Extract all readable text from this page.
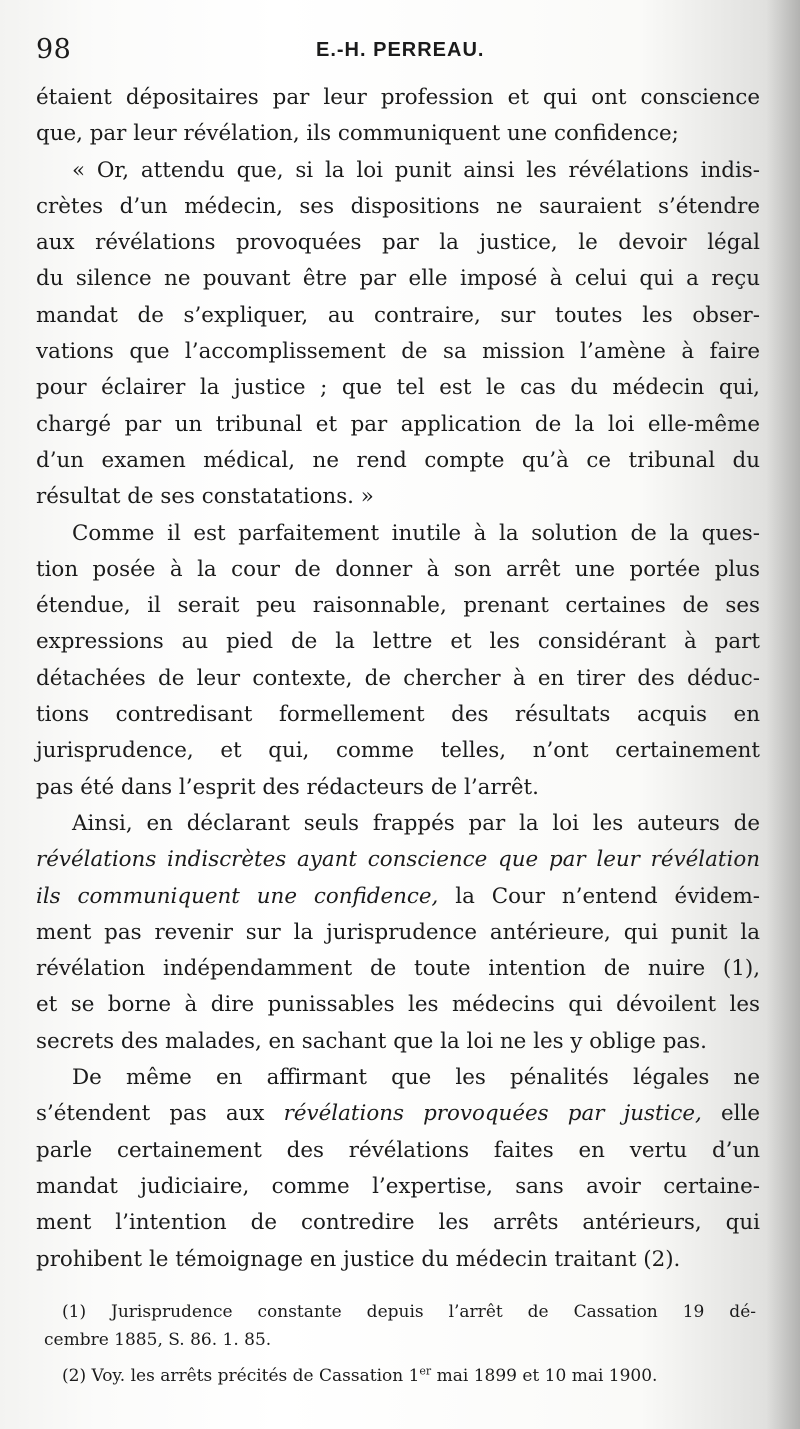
98	E.-H. PERREAU.
étaient dépositaires par leur profession et qui ont conscience
que, par leur révélation, ils communiquent une confidence;
« Or, attendu que, si la loi punit ainsi les révélations indis-
crètes d’un médecin, ses dispositions ne sauraient s’étendre
aux révélations provoquées par la justice, le devoir légal
du silence ne pouvant être par elle imposé à celui qui a reçu
mandat de s’expliquer, au contraire, sur toutes les obser-
vations que l’accomplissement de sa mission l’amène à faire
pour éclairer la justice ; que tel est le cas du médecin qui,
chargé par un tribunal et par application de la loi elle-même
d’un examen médical, ne rend compte qu’à ce tribunal du
résultat de ses constatations. »
Comme il est parfaitement inutile à la solution de la ques-
tion posée à la cour de donner à son arrêt une portée plus
étendue, il serait peu raisonnable, prenant certaines de ses
expressions au pied de la lettre et les considérant à part
détachées de leur contexte, de chercher à en tirer des déduc-
tions contredisant formellement des résultats acquis en
jurisprudence, et qui, comme telles, n’ont certainement
pas été dans l’esprit des rédacteurs de l’arrêt.
Ainsi, en déclarant seuls frappés par la loi les auteurs de
révélations indiscrètes ayant conscience que par leur révélation
ils communiquent une confidence, la Cour n’entend évidem-
ment pas revenir sur la jurisprudence antérieure, qui punit la
révélation indépendamment de toute intention de nuire (1),
et se borne à dire punissables les médecins qui dévoilent les
secrets des malades, en sachant que la loi ne les y oblige pas.
De même en affirmant que les pénalités légales ne
s’étendent pas aux révélations provoquées par justice, elle
parle certainement des révélations faites en vertu d’un
mandat judiciaire, comme l’expertise, sans avoir certaine-
ment l’intention de contredire les arrêts antérieurs, qui
prohibent le témoignage en justice du médecin traitant (2).
(1) Jurisprudence constante depuis l’arrêt de Cassation 19 dé-
cembre 1885, S. 86. 1. 85.
(2) Voy. les arrêts précités de Cassation 1er mai 1899 et 10 mai 1900.
